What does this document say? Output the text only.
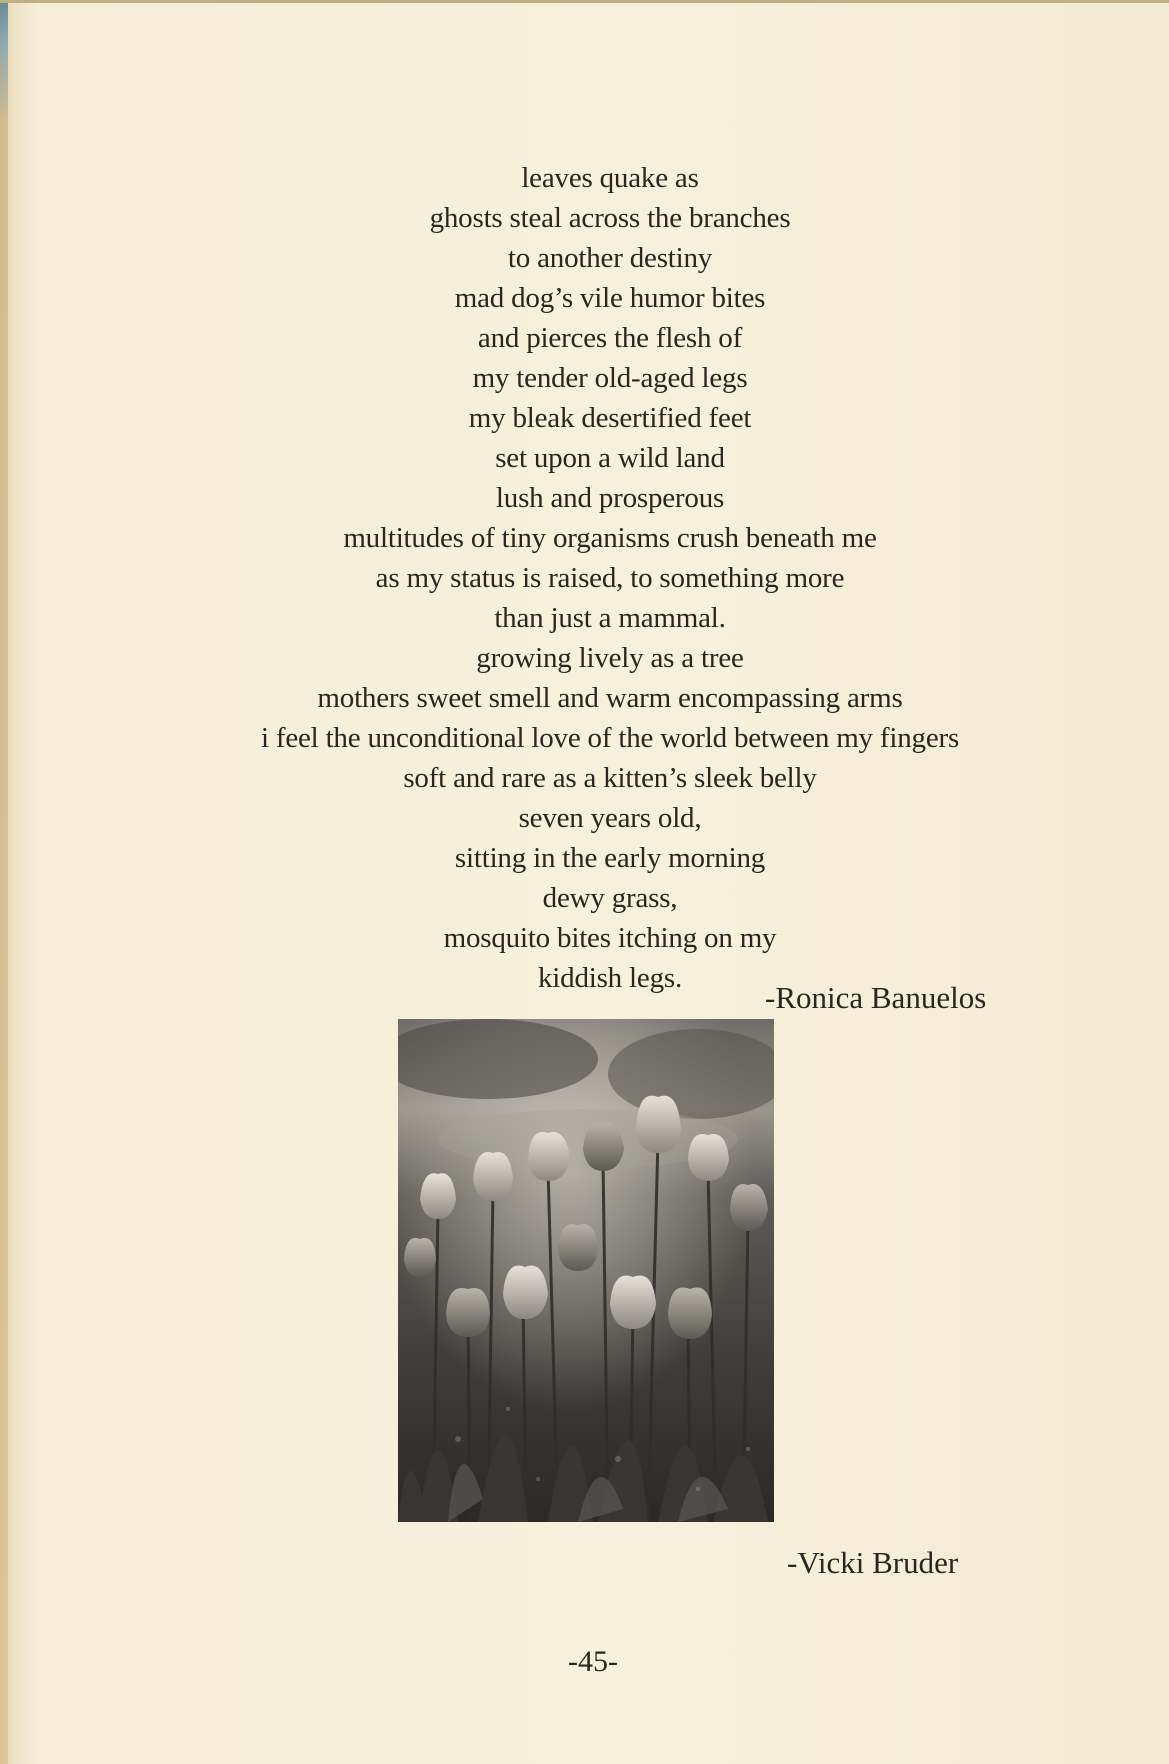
leaves quake as
ghosts steal across the branches
to another destiny
mad dog’s vile humor bites
and pierces the flesh of
my tender old-aged legs
my bleak desertified feet
set upon a wild land
lush and prosperous
multitudes of tiny organisms crush beneath me
as my status is raised, to something more
than just a mammal.
growing lively as a tree
mothers sweet smell and warm encompassing arms
i feel the unconditional love of the world between my fingers
soft and rare as a kitten’s sleek belly
seven years old,
sitting in the early morning
dewy grass,
mosquito bites itching on my
kiddish legs.
-Ronica Banuelos
-Vicki Bruder
-45-
